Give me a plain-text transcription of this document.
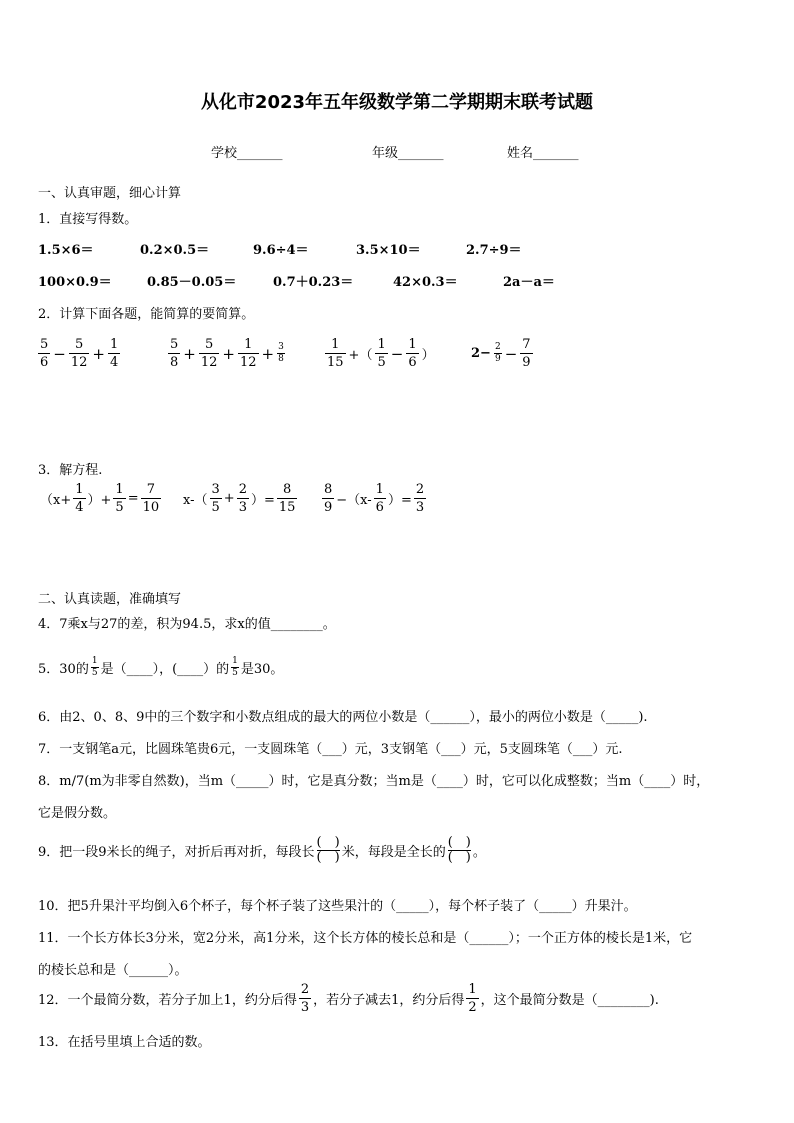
从化市2023年五年级数学第二学期期末联考试题
学校_______	年级_______	姓名_______
一、认真审题，细心计算
1．直接写得数。
1.5×6＝	0.2×0.5＝	9.6÷4＝	3.5×10＝	2.7÷9＝
100×0.9＝	0.85－0.05＝	0.7＋0.23＝	42×0.3＝	2a－a＝
2．计算下面各题，能简算的要简算。
$\frac{5}{6} - \frac{5}{12} + \frac{1}{4}$	$\frac{5}{8} + \frac{5}{12} + \frac{1}{12} + \frac{3}{8}$	$\frac{1}{15}$ +（ $\frac{1}{5} - \frac{1}{6}$ ）	$2- \frac{2}{9} - \frac{7}{9}$
3．解方程.
（$x+ \frac{1}{4}$ ）+ $\frac{1}{5} = \frac{7}{10} x-( \frac{3}{5} + \frac{2}{3}$ ）= $\frac{8}{15} \frac{8}{9} -(x- \frac{1}{6}$ ）= $\frac{2}{3}$
二、认真读题，准确填写
4．7乘x与27的差，积为94.5，求x的值________。
5．30的 $\frac{1}{5}$ 是（____），(____）的 $\frac{1}{5}$ 是30。
6．由2、0、8、9中的三个数字和小数点组成的最大的两位小数是（______），最小的两位小数是（_____).
7．一支钢笔a元，比圆珠笔贵6元，一支圆珠笔（___）元，3支钢笔（___）元，5支圆珠笔（___）元.
8．m/7(m为非零自然数)，当m（_____）时，它是真分数；当m是（____）时，它可以化成整数；当m（____）时，
它是假分数。
9．把一段9米长的绳子，对折后再对折，每段长
(　)
(　) 米，每段是全长的
(　)
(　) 。
10．把5升果汁平均倒入6个杯子，每个杯子装了这些果汁的（_____），每个杯子装了（_____）升果汁。
11．一个长方体长3分米，宽2分米，高1分米，这个长方体的棱长总和是（______）；一个正方体的棱长是1米，它
的棱长总和是（______）。
12．一个最简分数，若分子加上1，约分后得 $\frac{2}{3}$ ，若分子减去1，约分后得 $\frac{1}{2}$ ，这个最简分数是（________).
13．在括号里填上合适的数。
